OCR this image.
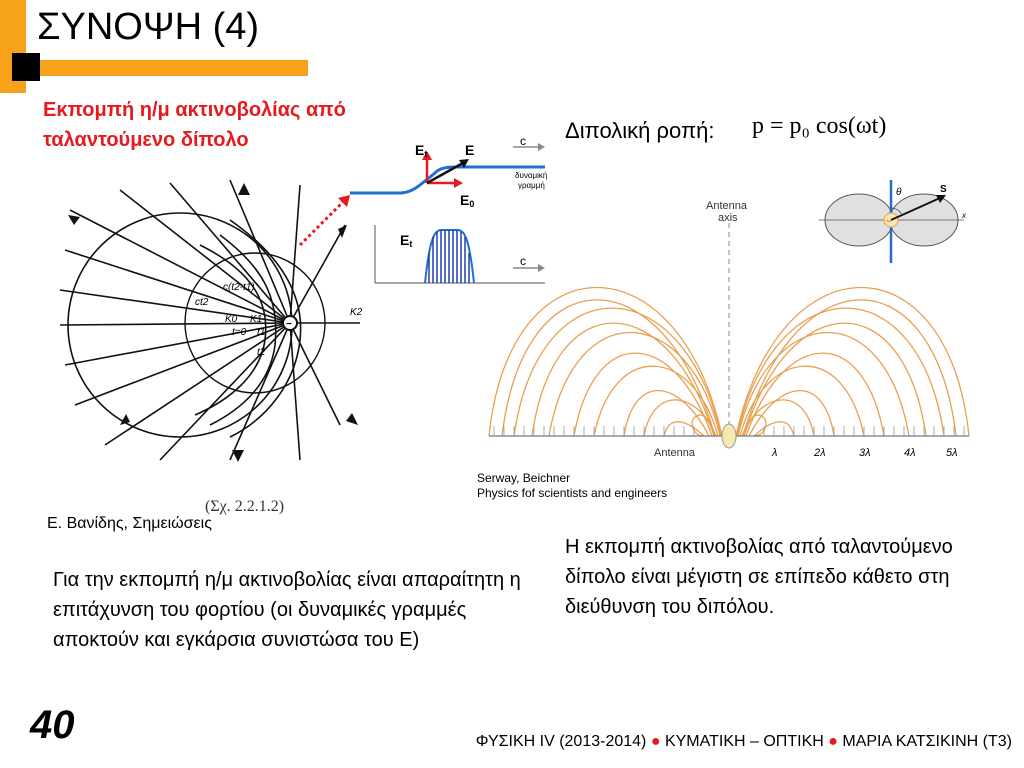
ΣΥΝΟΨΗ (4)
Εκπομπή η/μ ακτινοβολίας από ταλαντούμενο δίπολο
−
c(t2-t1)
ct2
K0 K1
K2
t=0 t1
t2
(Σχ. 2.2.1.2)
Ε. Βανίδης, Σημειώσεις
Et	E
E0
c
δυναμική
γραμμή
Et
c
Διπολική ροπή: p = p₀ cos(ωt)
Antenna
axis
Antenna	λ	2λ	3λ	4λ	5λ
~
θ	S
x
Serway, Beichner
Physics fof scientists and engineers
Η εκπομπή ακτινοβολίας από ταλαντούμενο δίπολο είναι μέγιστη σε επίπεδο κάθετο στη διεύθυνση του διπόλου.
Για την εκπομπή η/μ ακτινοβολίας είναι απαραίτητη η επιτάχυνση του φορτίου (οι δυναμικές γραμμές αποκτούν και εγκάρσια συνιστώσα του Ε)
40	ΦΥΣΙΚΗ IV (2013-2014) ● ΚΥΜΑΤΙΚΗ – ΟΠΤΙΚΗ ● ΜΑΡΙΑ ΚΑΤΣΙΚΙΝΗ (Τ3)
